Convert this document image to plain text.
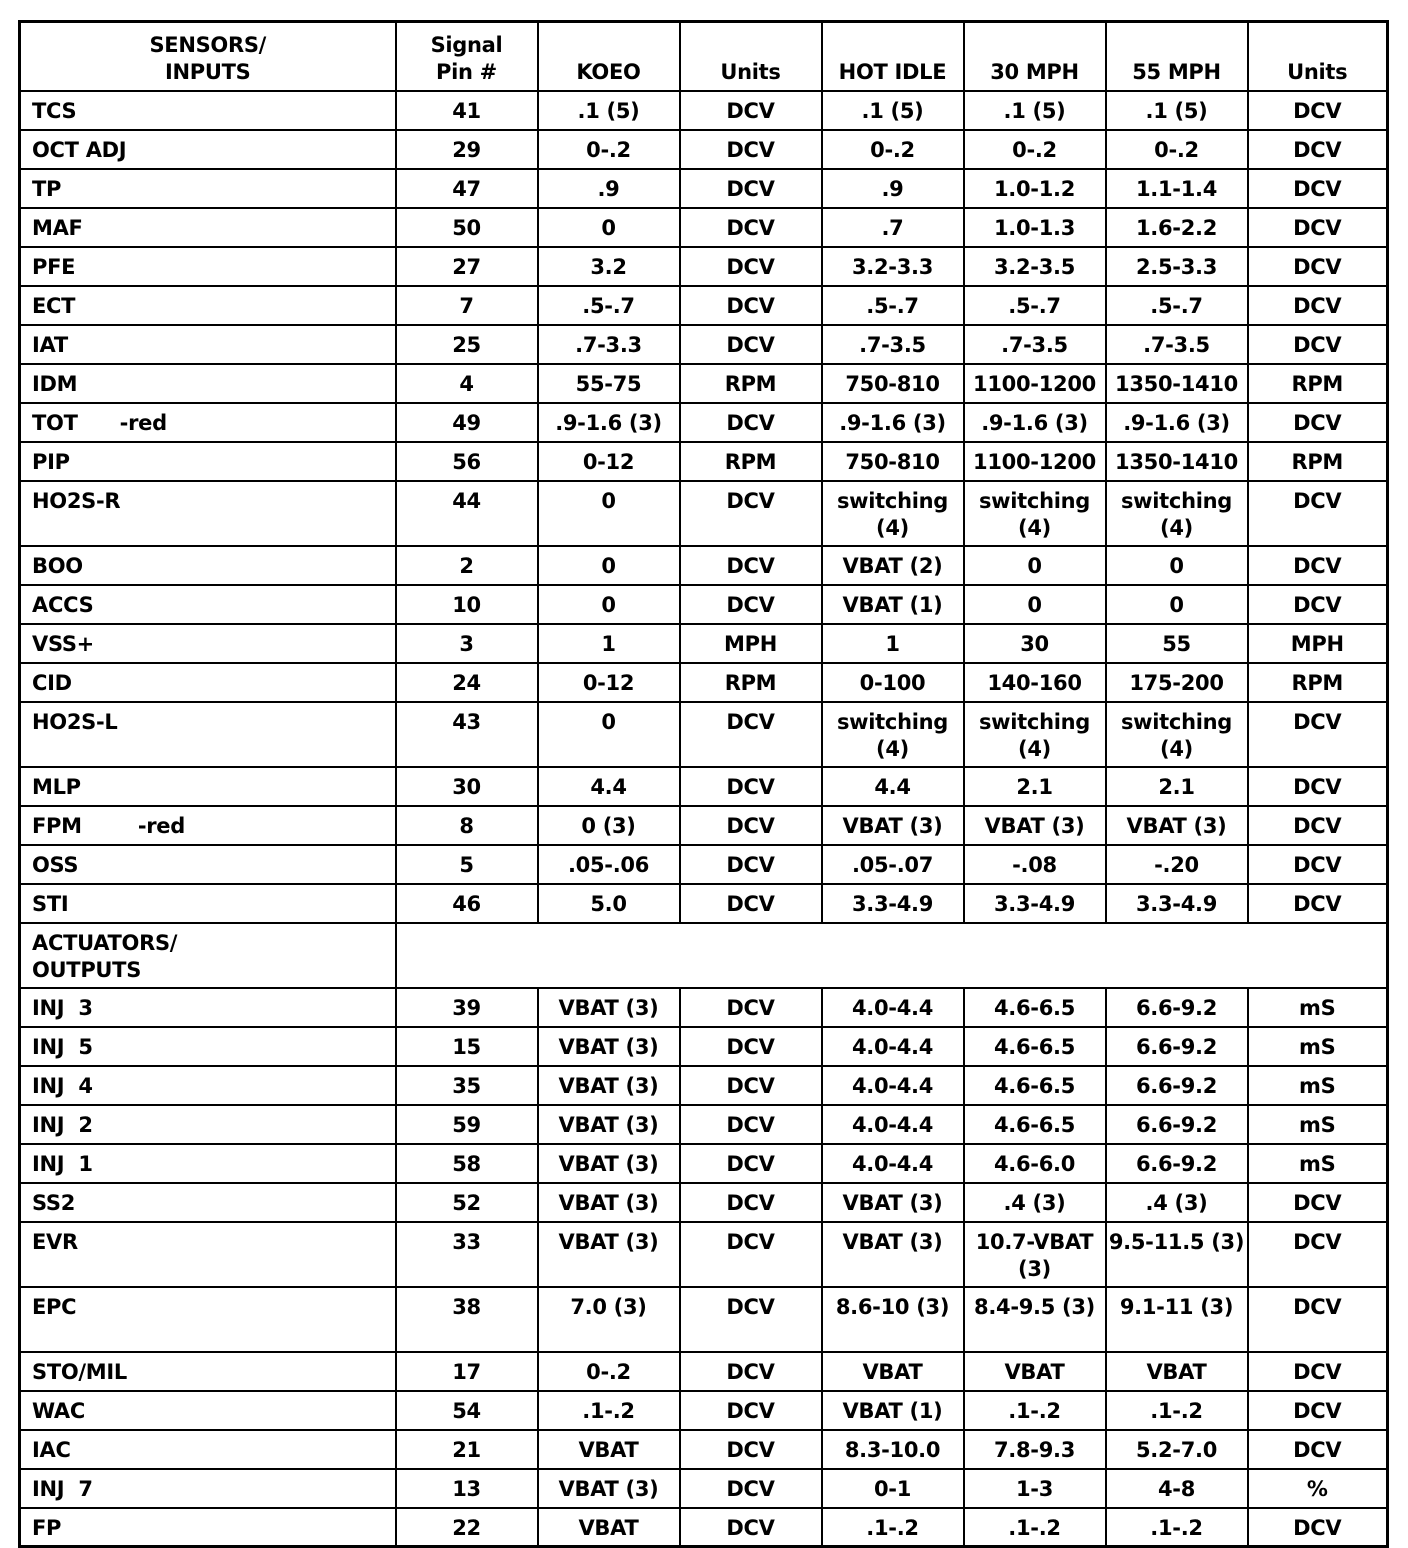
SENSORS/
INPUTS	Signal
Pin #	KOEO	Units	HOT IDLE	30 MPH	55 MPH	Units
TCS	41	.1 (5)	DCV	.1 (5)	.1 (5)	.1 (5)	DCV
OCT ADJ	29	0-.2	DCV	0-.2	0-.2	0-.2	DCV
TP	47	.9	DCV	.9	1.0-1.2	1.1-1.4	DCV
MAF	50	0	DCV	.7	1.0-1.3	1.6-2.2	DCV
PFE	27	3.2	DCV	3.2-3.3	3.2-3.5	2.5-3.3	DCV
ECT	7	.5-.7	DCV	.5-.7	.5-.7	.5-.7	DCV
IAT	25	.7-3.3	DCV	.7-3.5	.7-3.5	.7-3.5	DCV
IDM	4	55-75	RPM	750-810	1100-1200	1350-1410	RPM
TOT      -red	49	.9-1.6 (3)	DCV	.9-1.6 (3)	.9-1.6 (3)	.9-1.6 (3)	DCV
PIP	56	0-12	RPM	750-810	1100-1200	1350-1410	RPM
HO2S-R	44	0	DCV	switching (4)	switching (4)	switching (4)	DCV
BOO	2	0	DCV	VBAT (2)	0	0	DCV
ACCS	10	0	DCV	VBAT (1)	0	0	DCV
VSS+	3	1	MPH	1	30	55	MPH
CID	24	0-12	RPM	0-100	140-160	175-200	RPM
HO2S-L	43	0	DCV	switching (4)	switching (4)	switching (4)	DCV
MLP	30	4.4	DCV	4.4	2.1	2.1	DCV
FPM        -red	8	0 (3)	DCV	VBAT (3)	VBAT (3)	VBAT (3)	DCV
OSS	5	.05-.06	DCV	.05-.07	-.08	-.20	DCV
STI	46	5.0	DCV	3.3-4.9	3.3-4.9	3.3-4.9	DCV

ACTUATORS/
OUTPUTS							

INJ  3	39	VBAT (3)	DCV	4.0-4.4	4.6-6.5	6.6-9.2	mS
INJ  5	15	VBAT (3)	DCV	4.0-4.4	4.6-6.5	6.6-9.2	mS
INJ  4	35	VBAT (3)	DCV	4.0-4.4	4.6-6.5	6.6-9.2	mS
INJ  2	59	VBAT (3)	DCV	4.0-4.4	4.6-6.5	6.6-9.2	mS
INJ  1	58	VBAT (3)	DCV	4.0-4.4	4.6-6.0	6.6-9.2	mS
SS2	52	VBAT (3)	DCV	VBAT (3)	.4 (3)	.4 (3)	DCV
EVR	33	VBAT (3)	DCV	VBAT (3)	10.7-VBAT (3)	9.5-11.5 (3)	DCV
EPC	38	7.0 (3)	DCV	8.6-10 (3)	8.4-9.5 (3)	9.1-11 (3)	DCV
STO/MIL	17	0-.2	DCV	VBAT	VBAT	VBAT	DCV
WAC	54	.1-.2	DCV	VBAT (1)	.1-.2	.1-.2	DCV
IAC	21	VBAT	DCV	8.3-10.0	7.8-9.3	5.2-7.0	DCV
INJ  7	13	VBAT (3)	DCV	0-1	1-3	4-8	%
FP	22	VBAT	DCV	.1-.2	.1-.2	.1-.2	DCV
